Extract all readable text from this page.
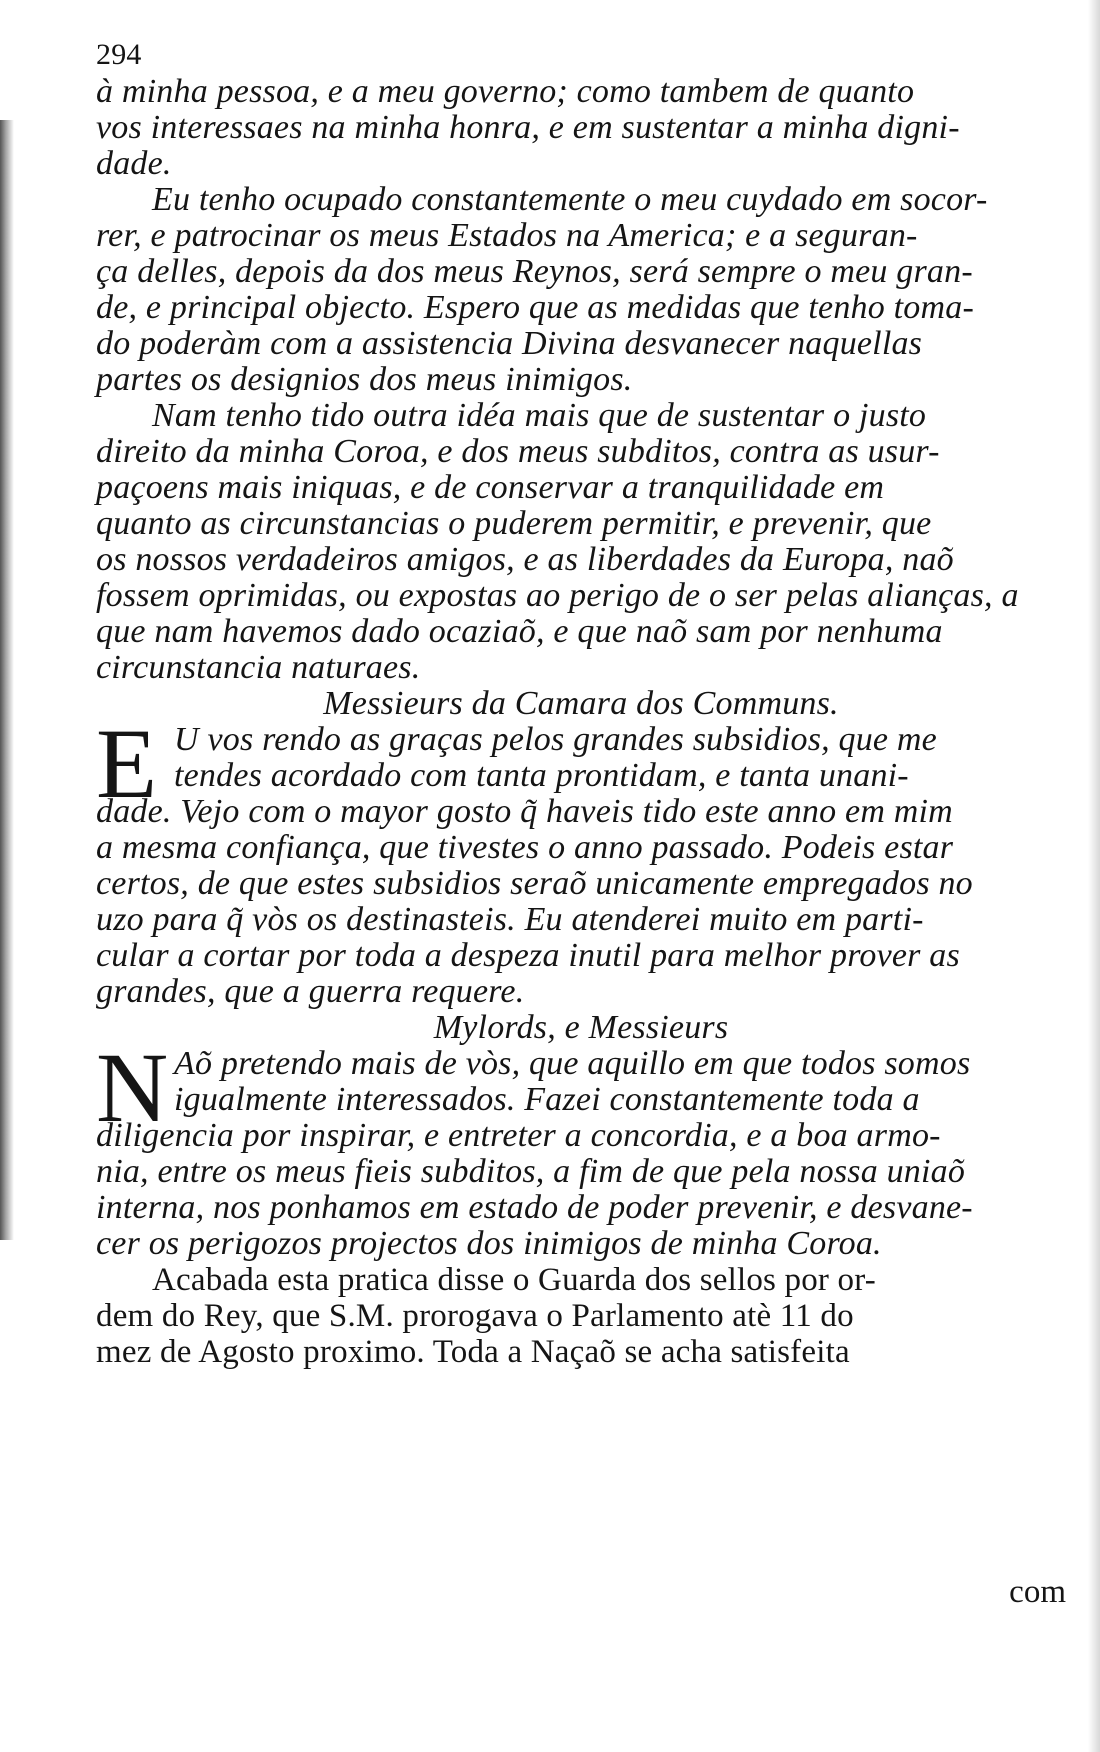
294
à minha pessoa, e a meu governo; como tambem de quanto
vos interessaes na minha honra, e em sustentar a minha digni-
dade.
Eu tenho ocupado constantemente o meu cuydado em socor-
rer, e patrocinar os meus Estados na America; e a seguran-
ça delles, depois da dos meus Reynos, será sempre o meu gran-
de, e principal objecto. Espero que as medidas que tenho toma-
do poderàm com a assistencia Divina desvanecer naquellas
partes os designios dos meus inimigos.
Nam tenho tido outra idéa mais que de sustentar o justo
direito da minha Coroa, e dos meus subditos, contra as usur-
paçoens mais iniquas, e de conservar a tranquilidade em
quanto as circunstancias o puderem permitir, e prevenir, que
os nossos verdadeiros amigos, e as liberdades da Europa, naõ
fossem oprimidas, ou expostas ao perigo de o ser pelas alianças, a
que nam havemos dado ocaziaõ, e que naõ sam por nenhuma
circunstancia naturaes.
Messieurs da Camara dos Communs.
E U vos rendo as graças pelos grandes subsidios, que me
tendes acordado com tanta prontidam, e tanta unani-
dade. Vejo com o mayor gosto q̃ haveis tido este anno em mim
a mesma confiança, que tivestes o anno passado. Podeis estar
certos, de que estes subsidios seraõ unicamente empregados no
uzo para q̃ vòs os destinasteis. Eu atenderei muito em parti-
cular a cortar por toda a despeza inutil para melhor prover as
grandes, que a guerra requere.
Mylords, e Messieurs
N Aõ pretendo mais de vòs, que aquillo em que todos somos
igualmente interessados. Fazei constantemente toda a
diligencia por inspirar, e entreter a concordia, e a boa armo-
nia, entre os meus fieis subditos, a fim de que pela nossa uniaõ
interna, nos ponhamos em estado de poder prevenir, e desvane-
cer os perigozos projectos dos inimigos de minha Coroa.
Acabada esta pratica disse o Guarda dos sellos por or-
dem do Rey, que S.M. prorogava o Parlamento atè 11 do
mez de Agosto proximo. Toda a Naçaõ se acha satisfeita
com
